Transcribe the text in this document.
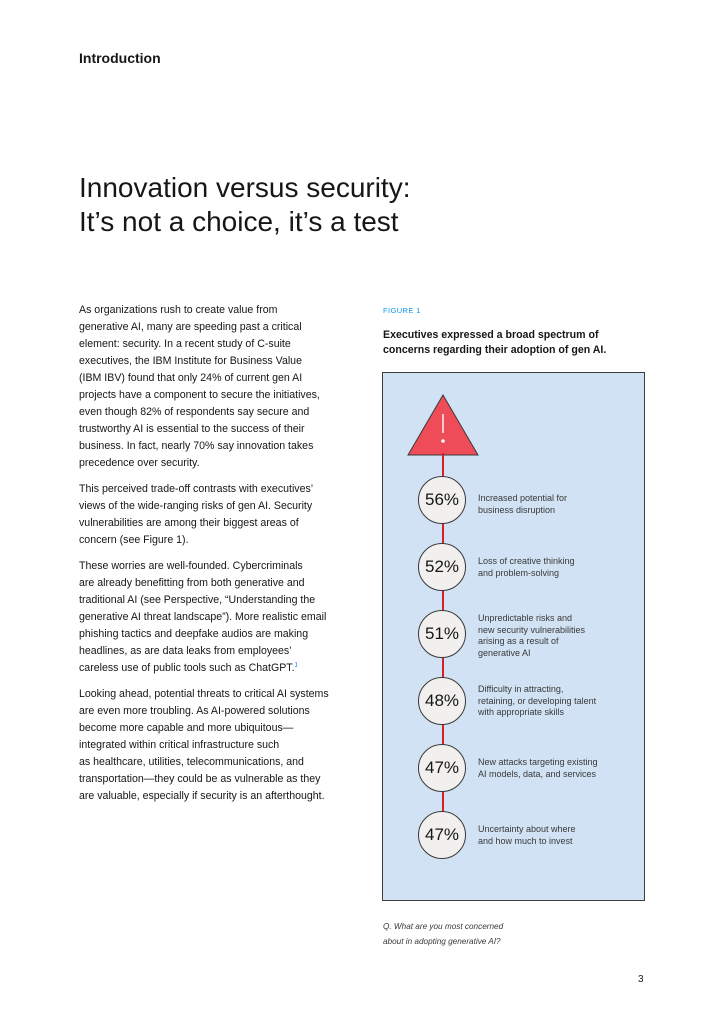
Introduction
Innovation versus security:
It’s not a choice, it’s a test

As organizations rush to create value from
generative AI, many are speeding past a critical
element: security. In a recent study of C-suite
executives, the IBM Institute for Business Value
(IBM IBV) found that only 24% of current gen AI
projects have a component to secure the initiatives,
even though 82% of respondents say secure and
trustworthy AI is essential to the success of their
business. In fact, nearly 70% say innovation takes
precedence over security.

This perceived trade-off contrasts with executives’
views of the wide-ranging risks of gen AI. Security
vulnerabilities are among their biggest areas of
concern (see Figure 1).

These worries are well-founded. Cybercriminals
are already benefitting from both generative and
traditional AI (see Perspective, “Understanding the
generative AI threat landscape”). More realistic email
phishing tactics and deepfake audios are making
headlines, as are data leaks from employees’
careless use of public tools such as ChatGPT.$^1$

Looking ahead, potential threats to critical AI systems
are even more troubling. As AI-powered solutions
become more capable and more ubiquitous—
integrated within critical infrastructure such
as healthcare, utilities, telecommunications, and
transportation—they could be as vulnerable as they
are valuable, especially if security is an afterthought.

FIGURE 1
Executives expressed a broad spectrum of
concerns regarding their adoption of gen AI.
56%	Increased potential for
business disruption
52%	Loss of creative thinking
and problem-solving
51%
Unpredictable risks and
new security vulnerabilities
arising as a result of
generative AI
48%
Difficulty in attracting,
retaining, or developing talent
with appropriate skills
47%	New attacks targeting existing
AI models, data, and services
47%	Uncertainty about where
and how much to invest
Q. What are you most concerned
about in adopting generative AI?
3
